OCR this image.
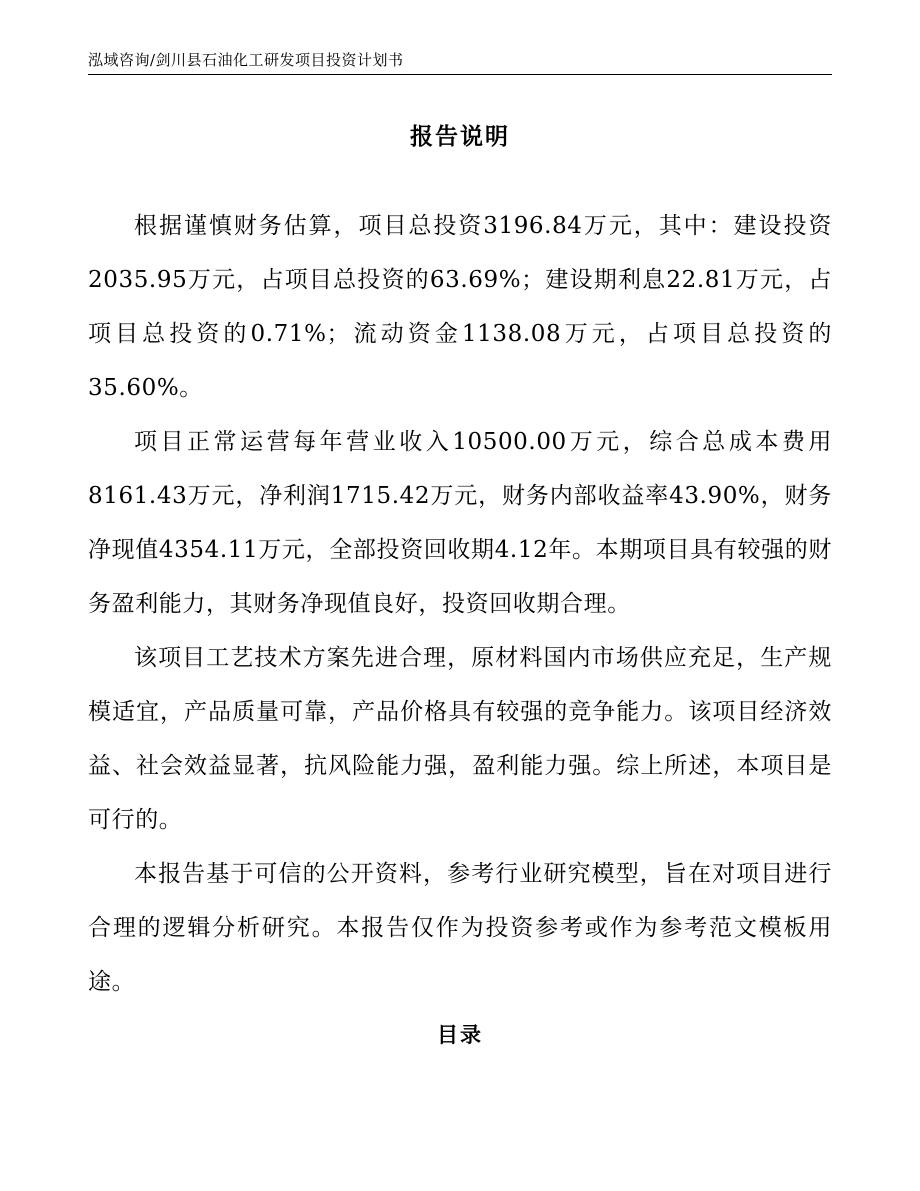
泓域咨询/剑川县石油化工研发项目投资计划书
报告说明

根据谨慎财务估算，项目总投资3196.84万元，其中：建设投资2035.95万元，占项目总投资的63.69%；建设期利息22.81万元，占项目总投资的0.71%；流动资金1138.08万元，占项目总投资的35.60%。

项目正常运营每年营业收入10500.00万元，综合总成本费用8161.43万元，净利润1715.42万元，财务内部收益率43.90%，财务净现值4354.11万元，全部投资回收期4.12年。本期项目具有较强的财务盈利能力，其财务净现值良好，投资回收期合理。

该项目工艺技术方案先进合理，原材料国内市场供应充足，生产规模适宜，产品质量可靠，产品价格具有较强的竞争能力。该项目经济效益、社会效益显著，抗风险能力强，盈利能力强。综上所述，本项目是可行的。

本报告基于可信的公开资料，参考行业研究模型，旨在对项目进行合理的逻辑分析研究。本报告仅作为投资参考或作为参考范文模板用途。

目录
